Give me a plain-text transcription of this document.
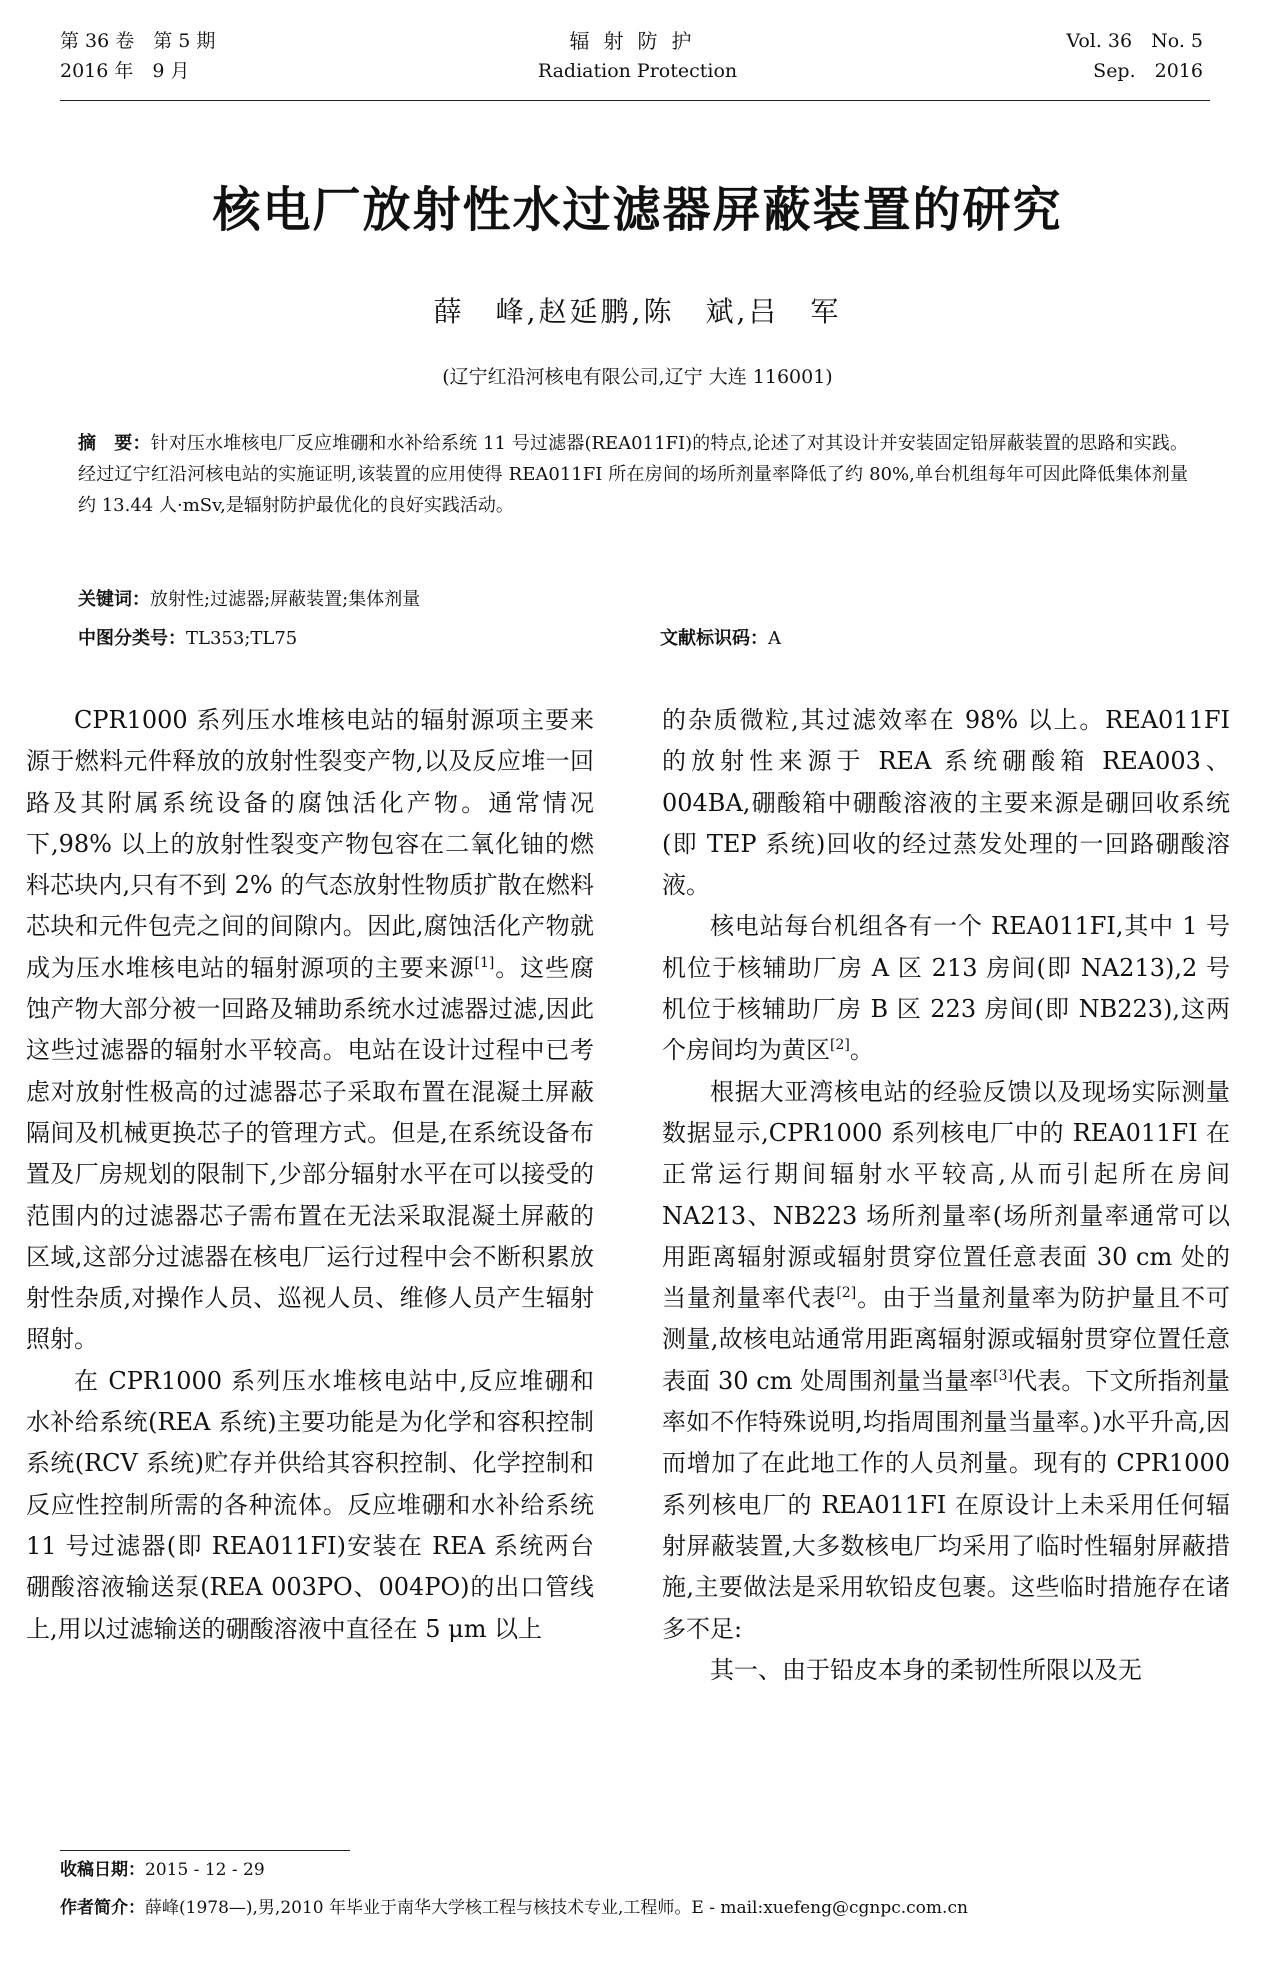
第 36 卷　第 5 期
2016 年　9 月
辐射防护
Radiation Protection
Vol. 36　No. 5
Sep.　2016
核电厂放射性水过滤器屏蔽装置的研究
薛　峰,赵延鹏,陈　斌,吕　军
(辽宁红沿河核电有限公司,辽宁 大连 116001)
摘　要：针对压水堆核电厂反应堆硼和水补给系统 11 号过滤器(REA011FI)的特点,论述了对其设计并安装固定铅屏蔽装置的思路和实践。经过辽宁红沿河核电站的实施证明,该装置的应用使得 REA011FI 所在房间的场所剂量率降低了约 80%,单台机组每年可因此降低集体剂量约 13.44 人·mSv,是辐射防护最优化的良好实践活动。
关键词：放射性;过滤器;屏蔽装置;集体剂量
中图分类号：TL353;TL75	文献标识码：A

CPR1000 系列压水堆核电站的辐射源项主要来源于燃料元件释放的放射性裂变产物,以及反应堆一回路及其附属系统设备的腐蚀活化产物。通常情况下,98% 以上的放射性裂变产物包容在二氧化铀的燃料芯块内,只有不到 2% 的气态放射性物质扩散在燃料芯块和元件包壳之间的间隙内。因此,腐蚀活化产物就成为压水堆核电站的辐射源项的主要来源[1]。这些腐蚀产物大部分被一回路及辅助系统水过滤器过滤,因此这些过滤器的辐射水平较高。电站在设计过程中已考虑对放射性极高的过滤器芯子采取布置在混凝土屏蔽隔间及机械更换芯子的管理方式。但是,在系统设备布置及厂房规划的限制下,少部分辐射水平在可以接受的范围内的过滤器芯子需布置在无法采取混凝土屏蔽的区域,这部分过滤器在核电厂运行过程中会不断积累放射性杂质,对操作人员、巡视人员、维修人员产生辐射照射。

在 CPR1000 系列压水堆核电站中,反应堆硼和水补给系统(REA 系统)主要功能是为化学和容积控制系统(RCV 系统)贮存并供给其容积控制、化学控制和反应性控制所需的各种流体。反应堆硼和水补给系统 11 号过滤器(即 REA011FI)安装在 REA 系统两台硼酸溶液输送泵(REA 003PO、004PO)的出口管线上,用以过滤输送的硼酸溶液中直径在 5 μm 以上

的杂质微粒,其过滤效率在 98% 以上。REA011FI 的放射性来源于 REA 系统硼酸箱 REA003、004BA,硼酸箱中硼酸溶液的主要来源是硼回收系统(即 TEP 系统)回收的经过蒸发处理的一回路硼酸溶液。

核电站每台机组各有一个 REA011FI,其中 1 号机位于核辅助厂房 A 区 213 房间(即 NA213),2 号机位于核辅助厂房 B 区 223 房间(即 NB223),这两个房间均为黄区[2]。

根据大亚湾核电站的经验反馈以及现场实际测量数据显示,CPR1000 系列核电厂中的 REA011FI 在正常运行期间辐射水平较高,从而引起所在房间 NA213、NB223 场所剂量率(场所剂量率通常可以用距离辐射源或辐射贯穿位置任意表面 30 cm 处的当量剂量率代表[2]。由于当量剂量率为防护量且不可测量,故核电站通常用距离辐射源或辐射贯穿位置任意表面 30 cm 处周围剂量当量率[3]代表。下文所指剂量率如不作特殊说明,均指周围剂量当量率。)水平升高,因而增加了在此地工作的人员剂量。现有的 CPR1000 系列核电厂的 REA011FI 在原设计上未采用任何辐射屏蔽装置,大多数核电厂均采用了临时性辐射屏蔽措施,主要做法是采用软铅皮包裹。这些临时措施存在诸多不足:

其一、由于铅皮本身的柔韧性所限以及无

收稿日期：2015 - 12 - 29
作者简介：薛峰(1978—),男,2010 年毕业于南华大学核工程与核技术专业,工程师。E - mail:xuefeng@cgnpc.com.cn
